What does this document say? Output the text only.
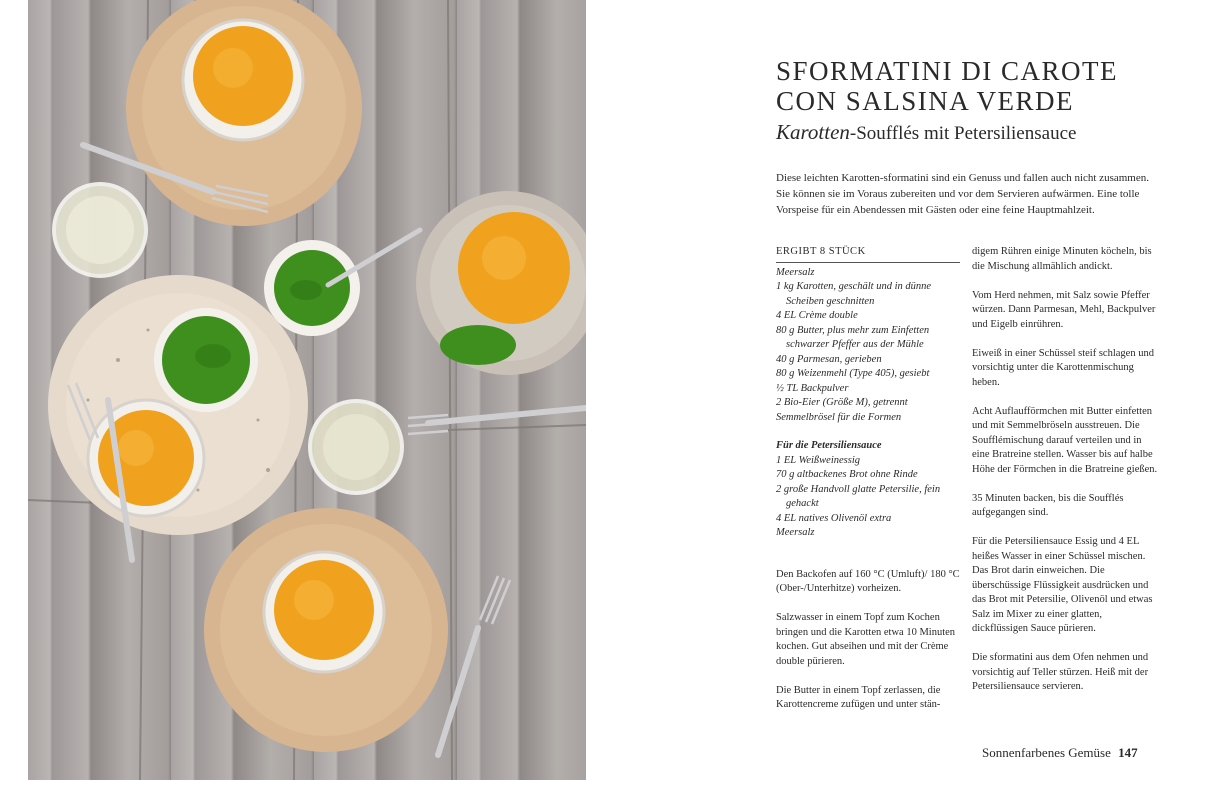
SFORMATINI DI CAROTE
CON SALSINA VERDE

Karotten-Soufflés mit Petersiliensauce

Diese leichten Karotten-sformatini sind ein Genuss und fallen auch nicht zusammen. Sie können sie im Voraus zubereiten und vor dem Servieren aufwärmen. Eine tolle Vorspeise für ein Abendessen mit Gästen oder eine feine Hauptmahlzeit.

ERGIBT 8 STÜCK

Meersalz

1 kg Karotten, geschält und in dünne Scheiben geschnitten

4 EL Crème double

80 g Butter, plus mehr zum Einfetten schwarzer Pfeffer aus der Mühle

40 g Parmesan, gerieben

80 g Weizenmehl (Type 405), gesiebt

½ TL Backpulver

2 Bio-Eier (Größe M), getrennt

Semmelbrösel für die Formen

Für die Petersiliensauce

1 EL Weißweinessig

70 g altbackenes Brot ohne Rinde

2 große Handvoll glatte Petersilie, fein gehackt

4 EL natives Olivenöl extra

Meersalz

Den Backofen auf 160 °C (Umluft)/ 180 °C (Ober-/Unterhitze) vorheizen.

Salzwasser in einem Topf zum Kochen bringen und die Karotten etwa 10 Minuten kochen. Gut abseihen und mit der Crème double pürieren.

Die Butter in einem Topf zerlassen, die Karottencreme zufügen und unter stän-

digem Rühren einige Minuten köcheln, bis die Mischung allmählich andickt.

Vom Herd nehmen, mit Salz sowie Pfeffer würzen. Dann Parmesan, Mehl, Backpulver und Eigelb einrühren.

Eiweiß in einer Schüssel steif schlagen und vorsichtig unter die Karottenmischung heben.

Acht Auflaufförmchen mit Butter einfetten und mit Semmelbröseln ausstreuen. Die Soufflémischung darauf verteilen und in eine Bratreine stellen. Wasser bis auf halbe Höhe der Förmchen in die Bratreine gießen.

35 Minuten backen, bis die Soufflés aufgegangen sind.

Für die Petersiliensauce Essig und 4 EL heißes Wasser in einer Schüssel mischen. Das Brot darin einweichen. Die überschüssige Flüssigkeit ausdrücken und das Brot mit Petersilie, Olivenöl und etwas Salz im Mixer zu einer glatten, dickflüssigen Sauce pürieren.

Die sformatini aus dem Ofen nehmen und vorsichtig auf Teller stürzen. Heiß mit der Petersiliensauce servieren.

Sonnenfarbenes Gemüse 147
